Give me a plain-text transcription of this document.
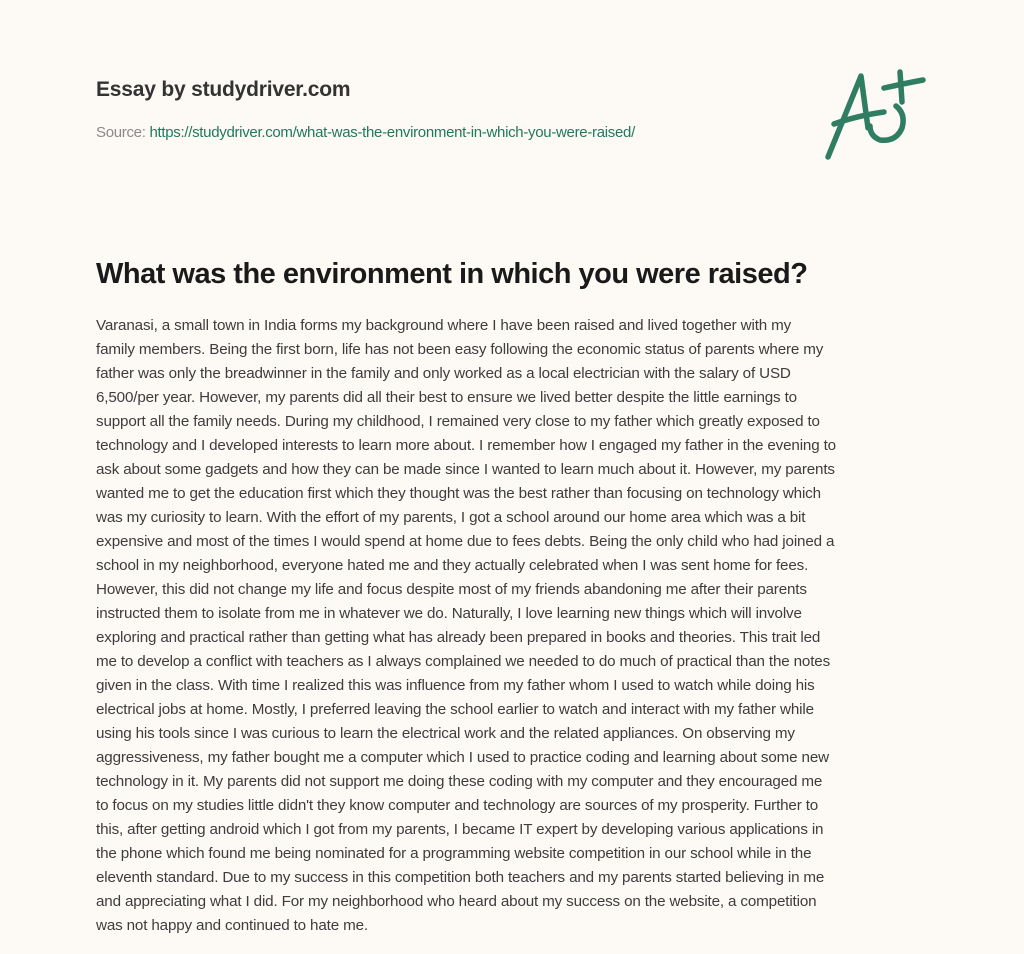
Essay by studydriver.com
Source: https://studydriver.com/what-was-the-environment-in-which-you-were-raised/
What was the environment in which you were raised?
Varanasi, a small town in India forms my background where I have been raised and lived together with my
family members. Being the first born, life has not been easy following the economic status of parents where my
father was only the breadwinner in the family and only worked as a local electrician with the salary of USD
6,500/per year. However, my parents did all their best to ensure we lived better despite the little earnings to
support all the family needs. During my childhood, I remained very close to my father which greatly exposed to
technology and I developed interests to learn more about. I remember how I engaged my father in the evening to
ask about some gadgets and how they can be made since I wanted to learn much about it. However, my parents
wanted me to get the education first which they thought was the best rather than focusing on technology which
was my curiosity to learn. With the effort of my parents, I got a school around our home area which was a bit
expensive and most of the times I would spend at home due to fees debts. Being the only child who had joined a
school in my neighborhood, everyone hated me and they actually celebrated when I was sent home for fees.
However, this did not change my life and focus despite most of my friends abandoning me after their parents
instructed them to isolate from me in whatever we do. Naturally, I love learning new things which will involve
exploring and practical rather than getting what has already been prepared in books and theories. This trait led
me to develop a conflict with teachers as I always complained we needed to do much of practical than the notes
given in the class. With time I realized this was influence from my father whom I used to watch while doing his
electrical jobs at home. Mostly, I preferred leaving the school earlier to watch and interact with my father while
using his tools since I was curious to learn the electrical work and the related appliances. On observing my
aggressiveness, my father bought me a computer which I used to practice coding and learning about some new
technology in it. My parents did not support me doing these coding with my computer and they encouraged me
to focus on my studies little didn't they know computer and technology are sources of my prosperity. Further to
this, after getting android which I got from my parents, I became IT expert by developing various applications in
the phone which found me being nominated for a programming website competition in our school while in the
eleventh standard. Due to my success in this competition both teachers and my parents started believing in me
and appreciating what I did. For my neighborhood who heard about my success on the website, a competition
was not happy and continued to hate me.
